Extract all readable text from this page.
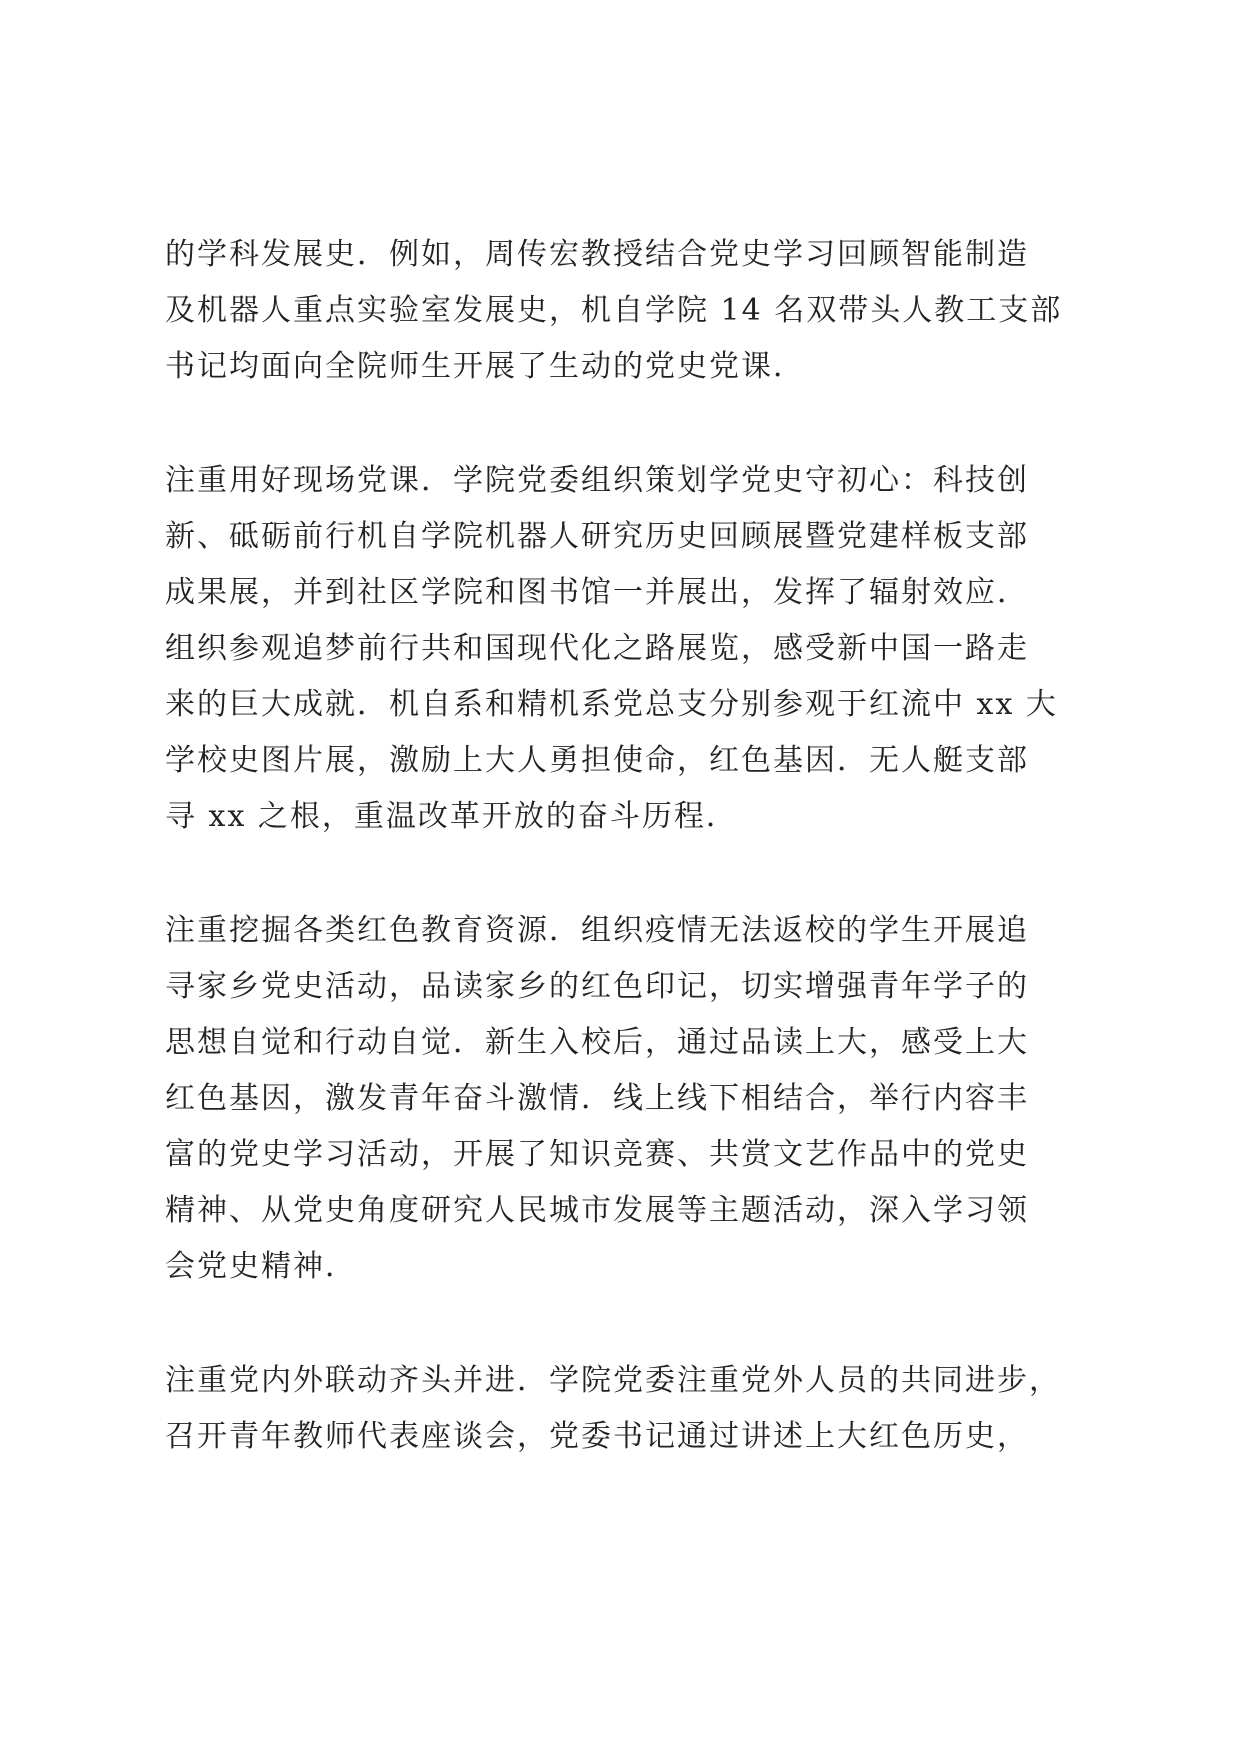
的学科发展史．例如，周传宏教授结合党史学习回顾智能制造
及机器人重点实验室发展史，机自学院 14 名双带头人教工支部
书记均面向全院师生开展了生动的党史党课．

注重用好现场党课．学院党委组织策划学党史守初心：科技创
新、砥砺前行机自学院机器人研究历史回顾展暨党建样板支部
成果展，并到社区学院和图书馆一并展出，发挥了辐射效应．
组织参观追梦前行共和国现代化之路展览，感受新中国一路走
来的巨大成就．机自系和精机系党总支分别参观于红流中 xx 大
学校史图片展，激励上大人勇担使命，红色基因．无人艇支部
寻 xx 之根，重温改革开放的奋斗历程．

注重挖掘各类红色教育资源．组织疫情无法返校的学生开展追
寻家乡党史活动，品读家乡的红色印记，切实增强青年学子的
思想自觉和行动自觉．新生入校后，通过品读上大，感受上大
红色基因，激发青年奋斗激情．线上线下相结合，举行内容丰
富的党史学习活动，开展了知识竞赛、共赏文艺作品中的党史
精神、从党史角度研究人民城市发展等主题活动，深入学习领
会党史精神．

注重党内外联动齐头并进．学院党委注重党外人员的共同进步，
召开青年教师代表座谈会，党委书记通过讲述上大红色历史，
